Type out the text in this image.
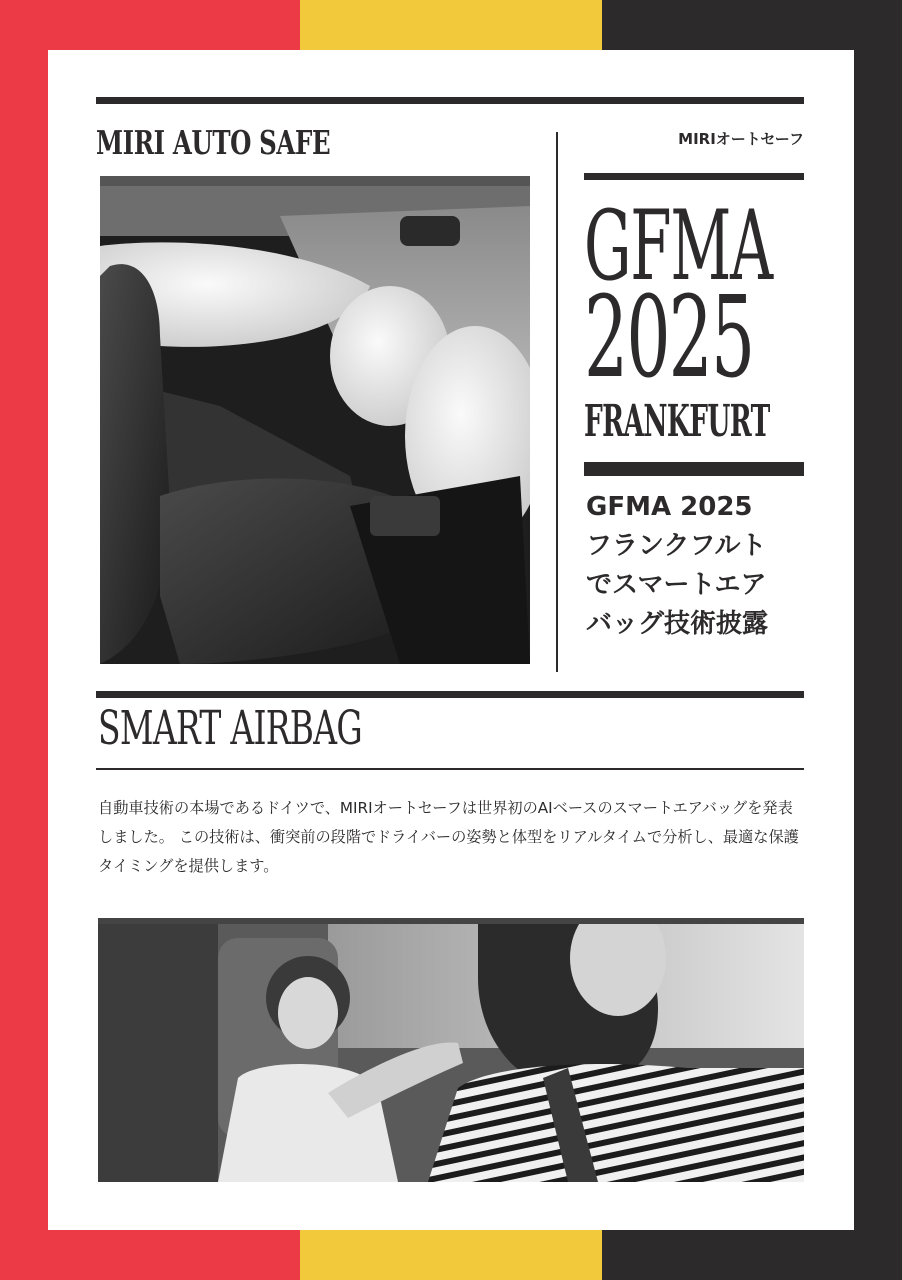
MIRI AUTO SAFE	MIRIオートセーフ
GFMA
2025
FRANKFURT
GFMA 2025
フランクフルト
でスマートエア
バッグ技術披露
SMART AIRBAG
自動車技術の本場であるドイツで、MIRIオートセーフは世界初のAIベースのスマートエアバッグを発表しました。 この技術は、衝突前の段階でドライバーの姿勢と体型をリアルタイムで分析し、最適な保護タイミングを提供します。
